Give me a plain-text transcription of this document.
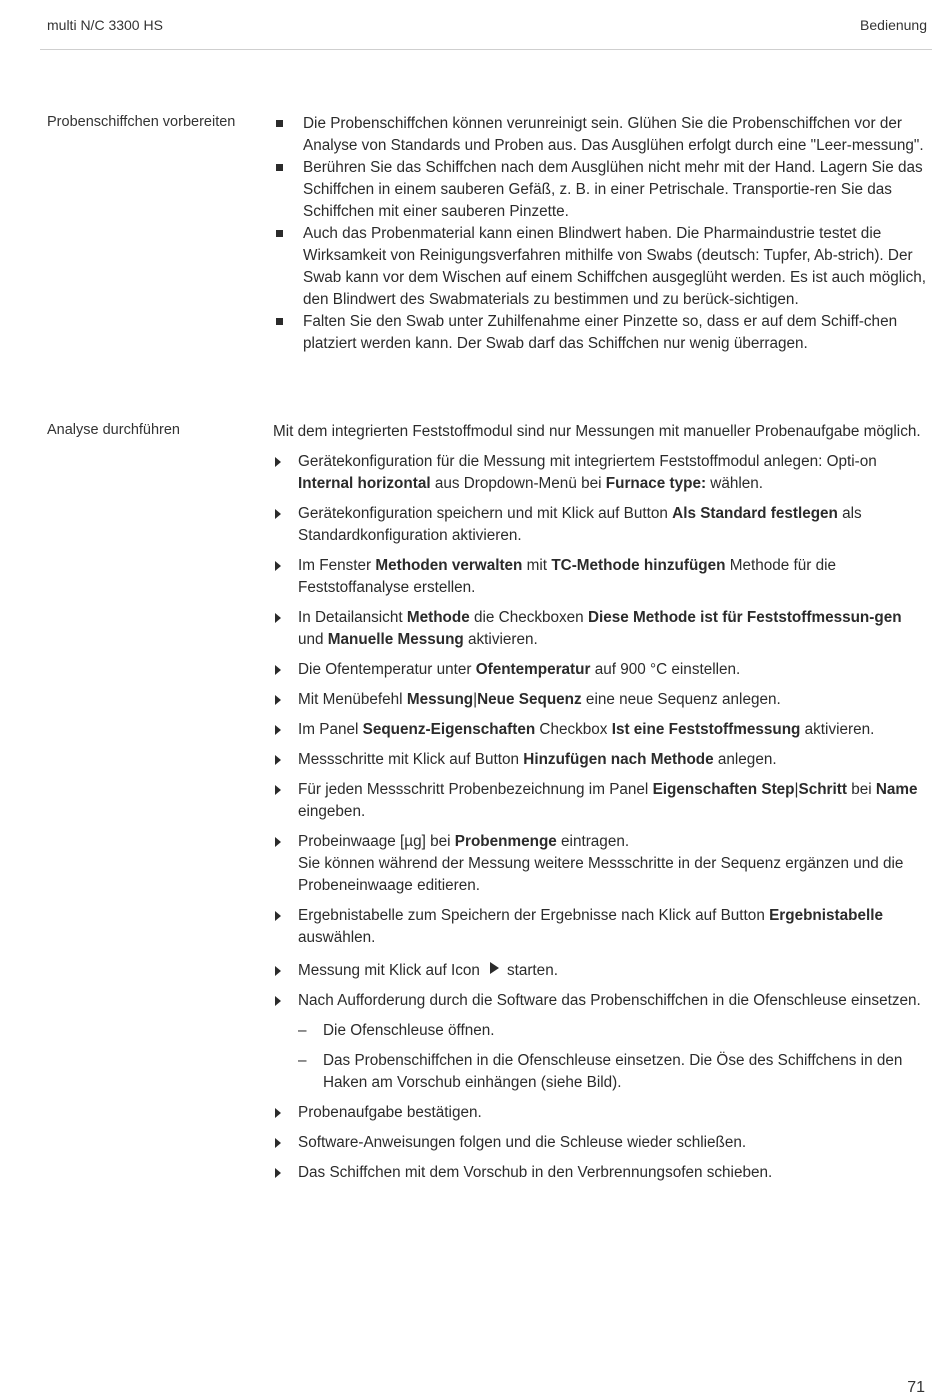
multi N/C 3300 HS	Bedienung
Probenschiffchen vorbereiten	Die Probenschiffchen können verunreinigt sein. Glühen Sie die Probenschiffchen vor der Analyse von Standards und Proben aus. Das Ausglühen erfolgt durch eine "Leer-messung".
Berühren Sie das Schiffchen nach dem Ausglühen nicht mehr mit der Hand. Lagern Sie das Schiffchen in einem sauberen Gefäß, z. B. in einer Petrischale. Transportie-ren Sie das Schiffchen mit einer sauberen Pinzette.
Auch das Probenmaterial kann einen Blindwert haben. Die Pharmaindustrie testet die Wirksamkeit von Reinigungsverfahren mithilfe von Swabs (deutsch: Tupfer, Ab-strich). Der Swab kann vor dem Wischen auf einem Schiffchen ausgeglüht werden. Es ist auch möglich, den Blindwert des Swabmaterials zu bestimmen und zu berück-sichtigen.
Falten Sie den Swab unter Zuhilfenahme einer Pinzette so, dass er auf dem Schiff-chen platziert werden kann. Der Swab darf das Schiffchen nur wenig überragen.
Analyse durchführen	Mit dem integrierten Feststoffmodul sind nur Messungen mit manueller Probenaufgabe möglich.

Gerätekonfiguration für die Messung mit integriertem Feststoffmodul anlegen: Opti-on Internal horizontal aus Dropdown-Menü bei Furnace type: wählen.
Gerätekonfiguration speichern und mit Klick auf Button Als Standard festlegen als Standardkonfiguration aktivieren.
Im Fenster Methoden verwalten mit TC-Methode hinzufügen Methode für die Feststoffanalyse erstellen.
In Detailansicht Methode die Checkboxen Diese Methode ist für Feststoffmessun-gen und Manuelle Messung aktivieren.
Die Ofentemperatur unter Ofentemperatur auf 900 °C einstellen.
Mit Menübefehl Messung|Neue Sequenz eine neue Sequenz anlegen.
Im Panel Sequenz-Eigenschaften Checkbox Ist eine Feststoffmessung aktivieren.
Messschritte mit Klick auf Button Hinzufügen nach Methode anlegen.
Für jeden Messschritt Probenbezeichnung im Panel Eigenschaften Step|Schritt bei Name eingeben.
Probeinwaage [µg] bei Probenmenge eintragen.
Sie können während der Messung weitere Messschritte in der Sequenz ergänzen und die Probeneinwaage editieren.
Ergebnistabelle zum Speichern der Ergebnisse nach Klick auf Button Ergebnistabelle auswählen.
Messung mit Klick auf Icon starten.
Nach Aufforderung durch die Software das Probenschiffchen in die Ofenschleuse einsetzen.
– Die Ofenschleuse öffnen.
– Das Probenschiffchen in die Ofenschleuse einsetzen. Die Öse des Schiffchens in den Haken am Vorschub einhängen (siehe Bild).
Probenaufgabe bestätigen.
Software-Anweisungen folgen und die Schleuse wieder schließen.
Das Schiffchen mit dem Vorschub in den Verbrennungsofen schieben.
71
